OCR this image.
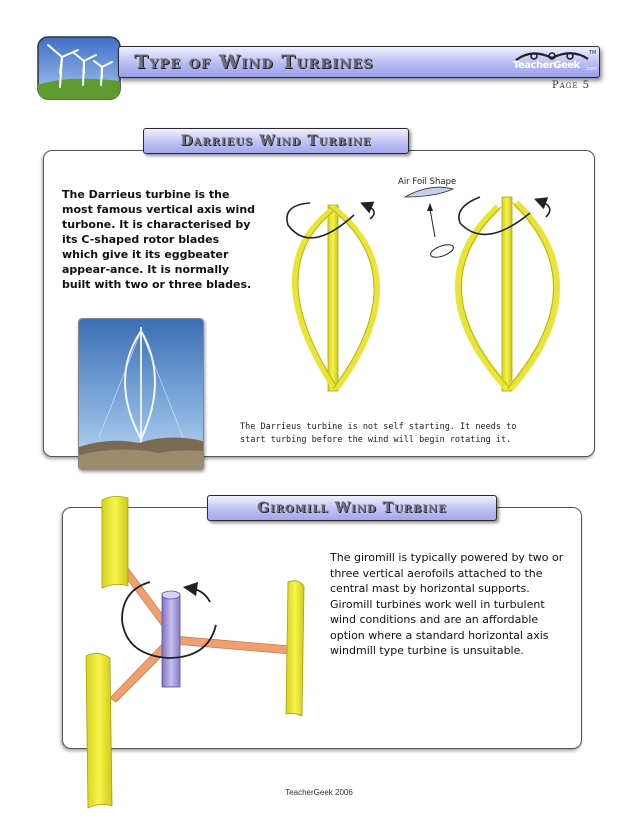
Type of Wind Turbines	TeacherGeek
TM
.com
Page 5
Darrieus Wind Turbine
The Darrieus turbine is the most famous vertical axis wind turbone. It is characterised by its C-shaped rotor blades which give it its eggbeater appear-ance. It is normally built with two or three blades.
Air Foil Shape
The Darrieus turbine is not self starting. It needs to start turbing before the wind will begin rotating it.
Giromill Wind Turbine
The giromill is typically powered by two or three vertical aerofoils attached to the central mast by horizontal supports. Giromill turbines work well in turbulent wind conditions and are an affordable option where a standard horizontal axis windmill type turbine is unsuitable.
TeacherGeek 2006
